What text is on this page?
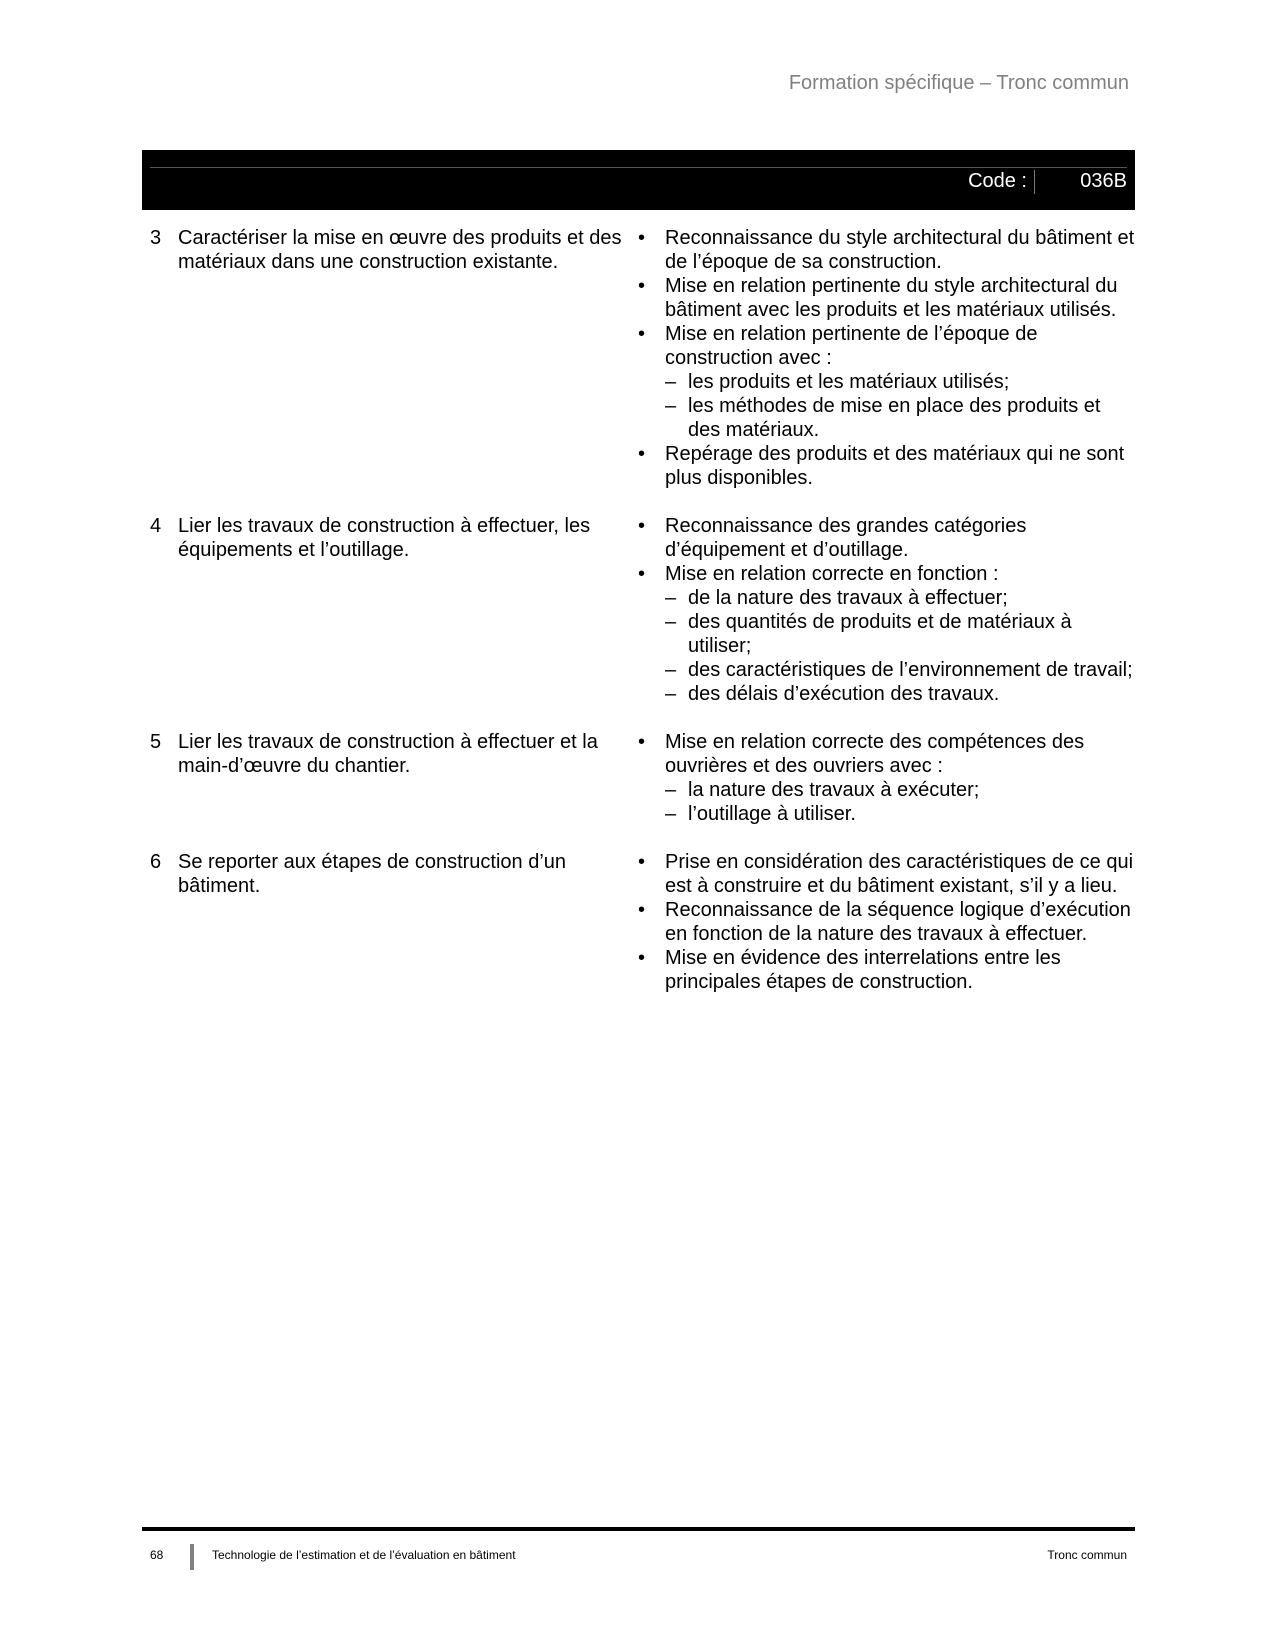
Formation spécifique – Tronc commun
Code :	036B
3 Caractériser la mise en œuvre des produits et des matériaux dans une construction existante.
• Reconnaissance du style architectural du bâtiment et de l’époque de sa construction.
• Mise en relation pertinente du style architectural du bâtiment avec les produits et les matériaux utilisés.
• Mise en relation pertinente de l’époque de construction avec :
– les produits et les matériaux utilisés;
– les méthodes de mise en place des produits et des matériaux.
• Repérage des produits et des matériaux qui ne sont plus disponibles.
4 Lier les travaux de construction à effectuer, les équipements et l’outillage.
• Reconnaissance des grandes catégories d’équipement et d’outillage.
• Mise en relation correcte en fonction :
– de la nature des travaux à effectuer;
– des quantités de produits et de matériaux à utiliser;
– des caractéristiques de l’environnement de travail;
– des délais d’exécution des travaux.
5 Lier les travaux de construction à effectuer et la main-d’œuvre du chantier.
• Mise en relation correcte des compétences des ouvrières et des ouvriers avec :
– la nature des travaux à exécuter;
– l’outillage à utiliser.
6 Se reporter aux étapes de construction d’un bâtiment.
• Prise en considération des caractéristiques de ce qui est à construire et du bâtiment existant, s’il y a lieu.
• Reconnaissance de la séquence logique d’exécution en fonction de la nature des travaux à effectuer.
• Mise en évidence des interrelations entre les principales étapes de construction.
68	Technologie de l’estimation et de l’évaluation en bâtiment	Tronc commun
